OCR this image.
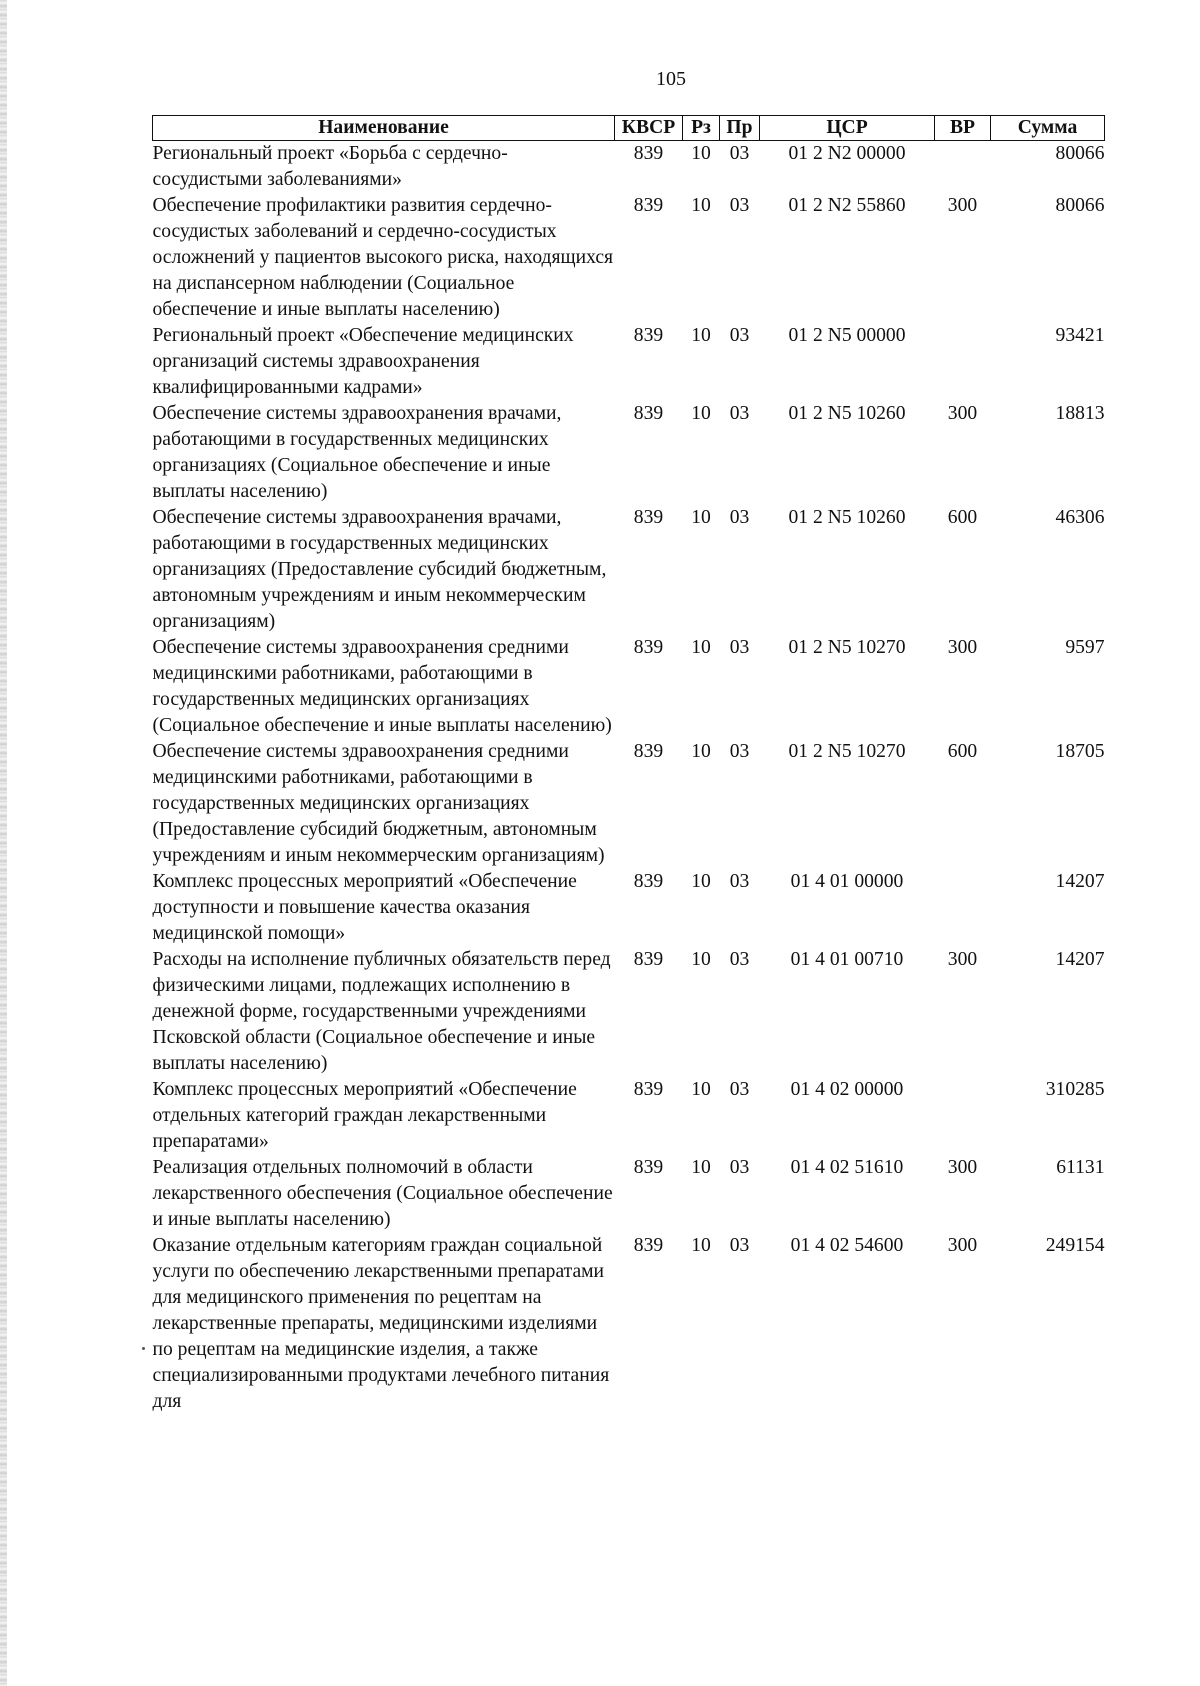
105
Наименование	КВСР	Рз	Пр	ЦСР	ВР	Сумма
Региональный проект «Борьба с сердечно-сосудистыми заболеваниями»	839	10	03	01 2 N2 00000		80066
Обеспечение профилактики развития сердечно-сосудистых заболеваний и сердечно-сосудистых осложнений у пациентов высокого риска, находящихся на диспансерном наблюдении (Социальное обеспечение и иные выплаты населению)	839	10	03	01 2 N2 55860	300	80066
Региональный проект «Обеспечение медицинских организаций системы здравоохранения квалифицированными кадрами»	839	10	03	01 2 N5 00000		93421
Обеспечение системы здравоохранения врачами, работающими в государственных медицинских организациях (Социальное обеспечение и иные выплаты населению)	839	10	03	01 2 N5 10260	300	18813
Обеспечение системы здравоохранения врачами, работающими в государственных медицинских организациях (Предоставление субсидий бюджетным, автономным учреждениям и иным некоммерческим организациям)	839	10	03	01 2 N5 10260	600	46306
Обеспечение системы здравоохранения средними медицинскими работниками, работающими в государственных медицинских организациях (Социальное обеспечение и иные выплаты населению)	839	10	03	01 2 N5 10270	300	9597
Обеспечение системы здравоохранения средними медицинскими работниками, работающими в государственных медицинских организациях (Предоставление субсидий бюджетным, автономным учреждениям и иным некоммерческим организациям)	839	10	03	01 2 N5 10270	600	18705
Комплекс процессных мероприятий «Обеспечение доступности и повышение качества оказания медицинской помощи»	839	10	03	01 4 01 00000		14207
Расходы на исполнение публичных обязательств перед физическими лицами, подлежащих исполнению в денежной форме, государственными учреждениями Псковской области (Социальное обеспечение и иные выплаты населению)	839	10	03	01 4 01 00710	300	14207
Комплекс процессных мероприятий «Обеспечение отдельных категорий граждан лекарственными препаратами»	839	10	03	01 4 02 00000		310285
Реализация отдельных полномочий в области лекарственного обеспечения (Социальное обеспечение и иные выплаты населению)	839	10	03	01 4 02 51610	300	61131
Оказание отдельным категориям граждан социальной услуги по обеспечению лекарственными препаратами для медицинского применения по рецептам на лекарственные препараты, медицинскими изделиями по рецептам на медицинские изделия, а также специализированными продуктами лечебного питания для	839	10	03	01 4 02 54600	300	249154
